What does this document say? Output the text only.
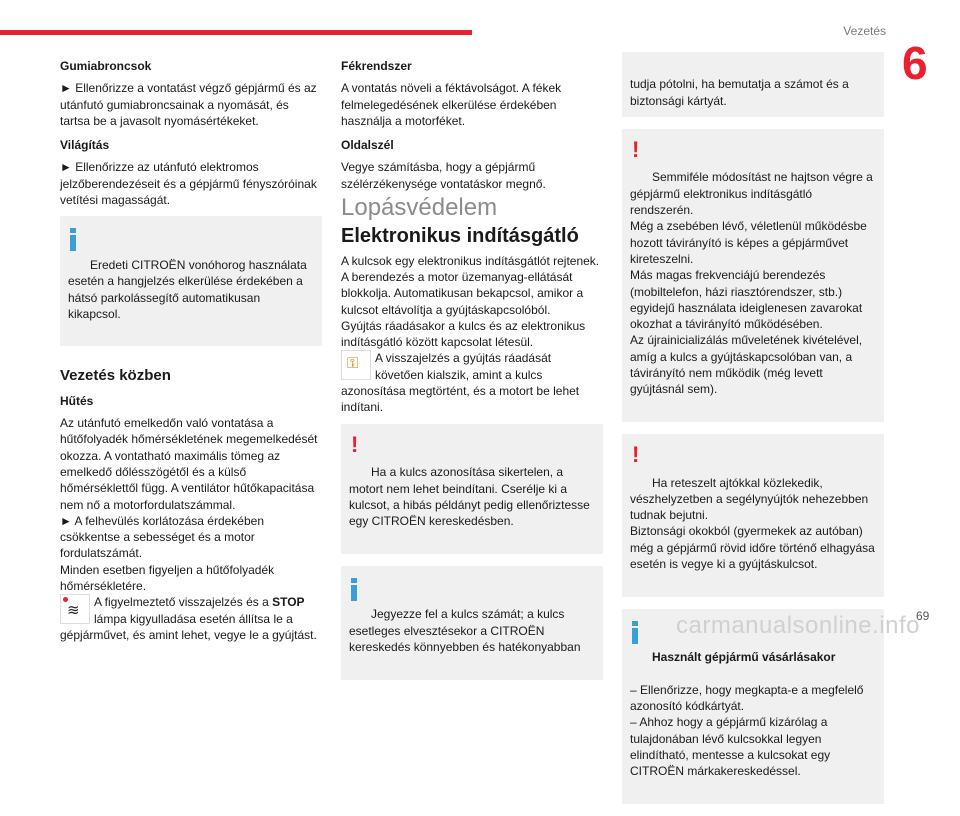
Vezetés
6
Gumiabroncsok

► Ellenőrizze a vontatást végző gépjármű és az utánfutó gumiabroncsainak a nyomását, és tartsa be a javasolt nyomásértékeket.

Világítás

► Ellenőrizze az utánfutó elektromos jelzőberendezéseit és a gépjármű fényszóróinak vetítési magasságát.

Eredeti CITROËN vonóhorog használata esetén a hangjelzés elkerülése érdekében a hátsó parkolássegítő automatikusan kikapcsol.

Vezetés közben
Hűtés

Az utánfutó emelkedőn való vontatása a hűtőfolyadék hőmérsékletének megemelkedését okozza. A vontatható maximális tömeg az emelkedő dőlésszögétől és a külső hőmérséklettől függ. A ventilátor hűtőkapacitása nem nő a motorfordulatszámmal.
► A felhevülés korlátozása érdekében csökkentse a sebességet és a motor fordulatszámát.
Minden esetben figyeljen a hűtőfolyadék hőmérsékletére.

≋ A figyelmeztető visszajelzés és a STOP lámpa kigyulladása esetén állítsa le a gépjárművet, és amint lehet, vegye le a gyújtást.

Fékrendszer

A vontatás növeli a féktávolságot. A fékek felmelegedésének elkerülése érdekében használja a motorféket.

Oldalszél

Vegye számításba, hogy a gépjármű szélérzékenysége vontatáskor megnő.

Lopásvédelem
Elektronikus indításgátló

A kulcsok egy elektronikus indításgátlót rejtenek. A berendezés a motor üzemanyag-ellátását blokkolja. Automatikusan bekapcsol, amikor a kulcsot eltávolítja a gyújtáskapcsolóból.
Gyújtás ráadásakor a kulcs és az elektronikus indításgátló között kapcsolat létesül.

⚿ A visszajelzés a gyújtás ráadását követően kialszik, amint a kulcs azonosítása megtörtént, és a motort be lehet indítani.

!

Ha a kulcs azonosítása sikertelen, a motort nem lehet beindítani. Cserélje ki a kulcsot, a hibás példányt pedig ellenőriztesse egy CITROËN kereskedésben.

Jegyezze fel a kulcs számát; a kulcs esetleges elvesztésekor a CITROËN kereskedés könnyebben és hatékonyabban

tudja pótolni, ha bemutatja a számot és a biztonsági kártyát.

!

Semmiféle módosítást ne hajtson végre a gépjármű elektronikus indításgátló rendszerén.
Még a zsebében lévő, véletlenül működésbe hozott távirányító is képes a gépjárművet kireteszelni.
Más magas frekvenciájú berendezés (mobiltelefon, házi riasztórendszer, stb.) egyidejű használata ideiglenesen zavarokat okozhat a távirányító működésében.
Az újrainicializálás műveletének kivételével, amíg a kulcs a gyújtáskapcsolóban van, a távirányító nem működik (még levett gyújtásnál sem).

!

Ha reteszelt ajtókkal közlekedik, vészhelyzetben a segélynyújtók nehezebben tudnak bejutni.
Biztonsági okokból (gyermekek az autóban) még a gépjármű rövid időre történő elhagyása esetén is vegye ki a gyújtáskulcsot.

Használt gépjármű vásárlásakor

– Ellenőrizze, hogy megkapta-e a megfelelő azonosító kódkártyát.
– Ahhoz hogy a gépjármű kizárólag a tulajdonában lévő kulcsokkal legyen elindítható, mentesse a kulcsokat egy CITROËN márkakereskedéssel.

carmanualsonline.info
69
